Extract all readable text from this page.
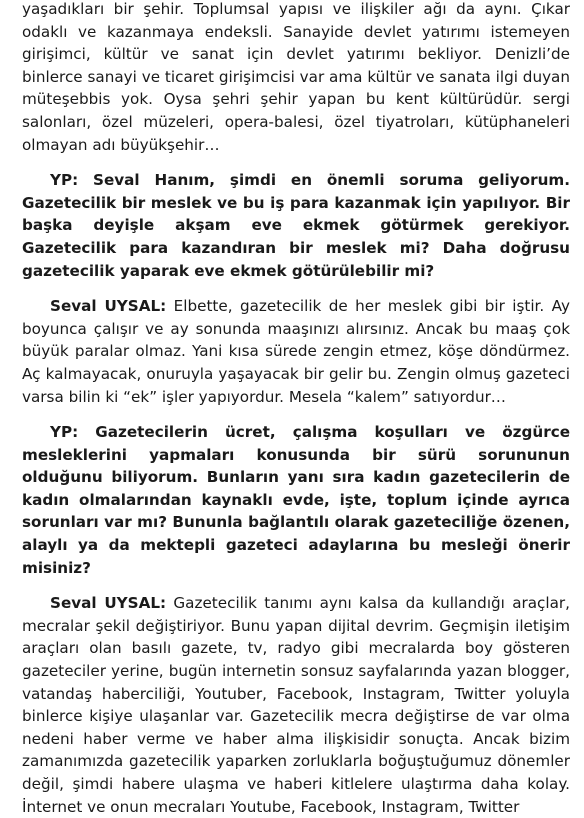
yaşadıkları bir şehir. Toplumsal yapısı ve ilişkiler ağı da aynı. Çıkar odaklı ve kazanmaya endeksli. Sanayide devlet yatırımı istemeyen girişimci, kültür ve sanat için devlet yatırımı bekliyor. Denizli’de binlerce sanayi ve ticaret girişimcisi var ama kültür ve sanata ilgi duyan müteşebbis yok. Oysa şehri şehir yapan bu kent kültürüdür. sergi salonları, özel müzeleri, opera-balesi, özel tiyatroları, kütüphaneleri olmayan adı büyükşehir…

YP: Seval Hanım, şimdi en önemli soruma geliyorum. Gazetecilik bir meslek ve bu iş para kazanmak için yapılıyor. Bir başka deyişle akşam eve ekmek götürmek gerekiyor. Gazetecilik para kazandıran bir meslek mi? Daha doğrusu gazetecilik yaparak eve ekmek götürülebilir mi?

Seval UYSAL: Elbette, gazetecilik de her meslek gibi bir iştir. Ay boyunca çalışır ve ay sonunda maaşınızı alırsınız. Ancak bu maaş çok büyük paralar olmaz. Yani kısa sürede zengin etmez, köşe döndürmez. Aç kalmayacak, onuruyla yaşayacak bir gelir bu. Zengin olmuş gazeteci varsa bilin ki “ek” işler yapıyordur. Mesela “kalem” satıyordur…

YP: Gazetecilerin ücret, çalışma koşulları ve özgürce mesleklerini yapmaları konusunda bir sürü sorununun olduğunu biliyorum. Bunların yanı sıra kadın gazetecilerin de kadın olmalarından kaynaklı evde, işte, toplum içinde ayrıca sorunları var mı? Bununla bağlantılı olarak gazeteciliğe özenen, alaylı ya da mektepli gazeteci adaylarına bu mesleği önerir misiniz?

Seval UYSAL: Gazetecilik tanımı aynı kalsa da kullandığı araçlar, mecralar şekil değiştiriyor. Bunu yapan dijital devrim. Geçmişin iletişim araçları olan basılı gazete, tv, radyo gibi mecralarda boy gösteren gazeteciler yerine, bugün internetin sonsuz sayfalarında yazan blogger, vatandaş haberciliği, Youtuber, Facebook, Instagram, Twitter yoluyla binlerce kişiye ulaşanlar var. Gazetecilik mecra değiştirse de var olma nedeni haber verme ve haber alma ilişkisidir sonuçta. Ancak bizim zamanımızda gazetecilik yaparken zorluklarla boğuştuğumuz dönemler değil, şimdi habere ulaşma ve haberi kitlelere ulaştırma daha kolay. İnternet ve onun mecraları Youtube, Facebook, Instagram, Twitter
